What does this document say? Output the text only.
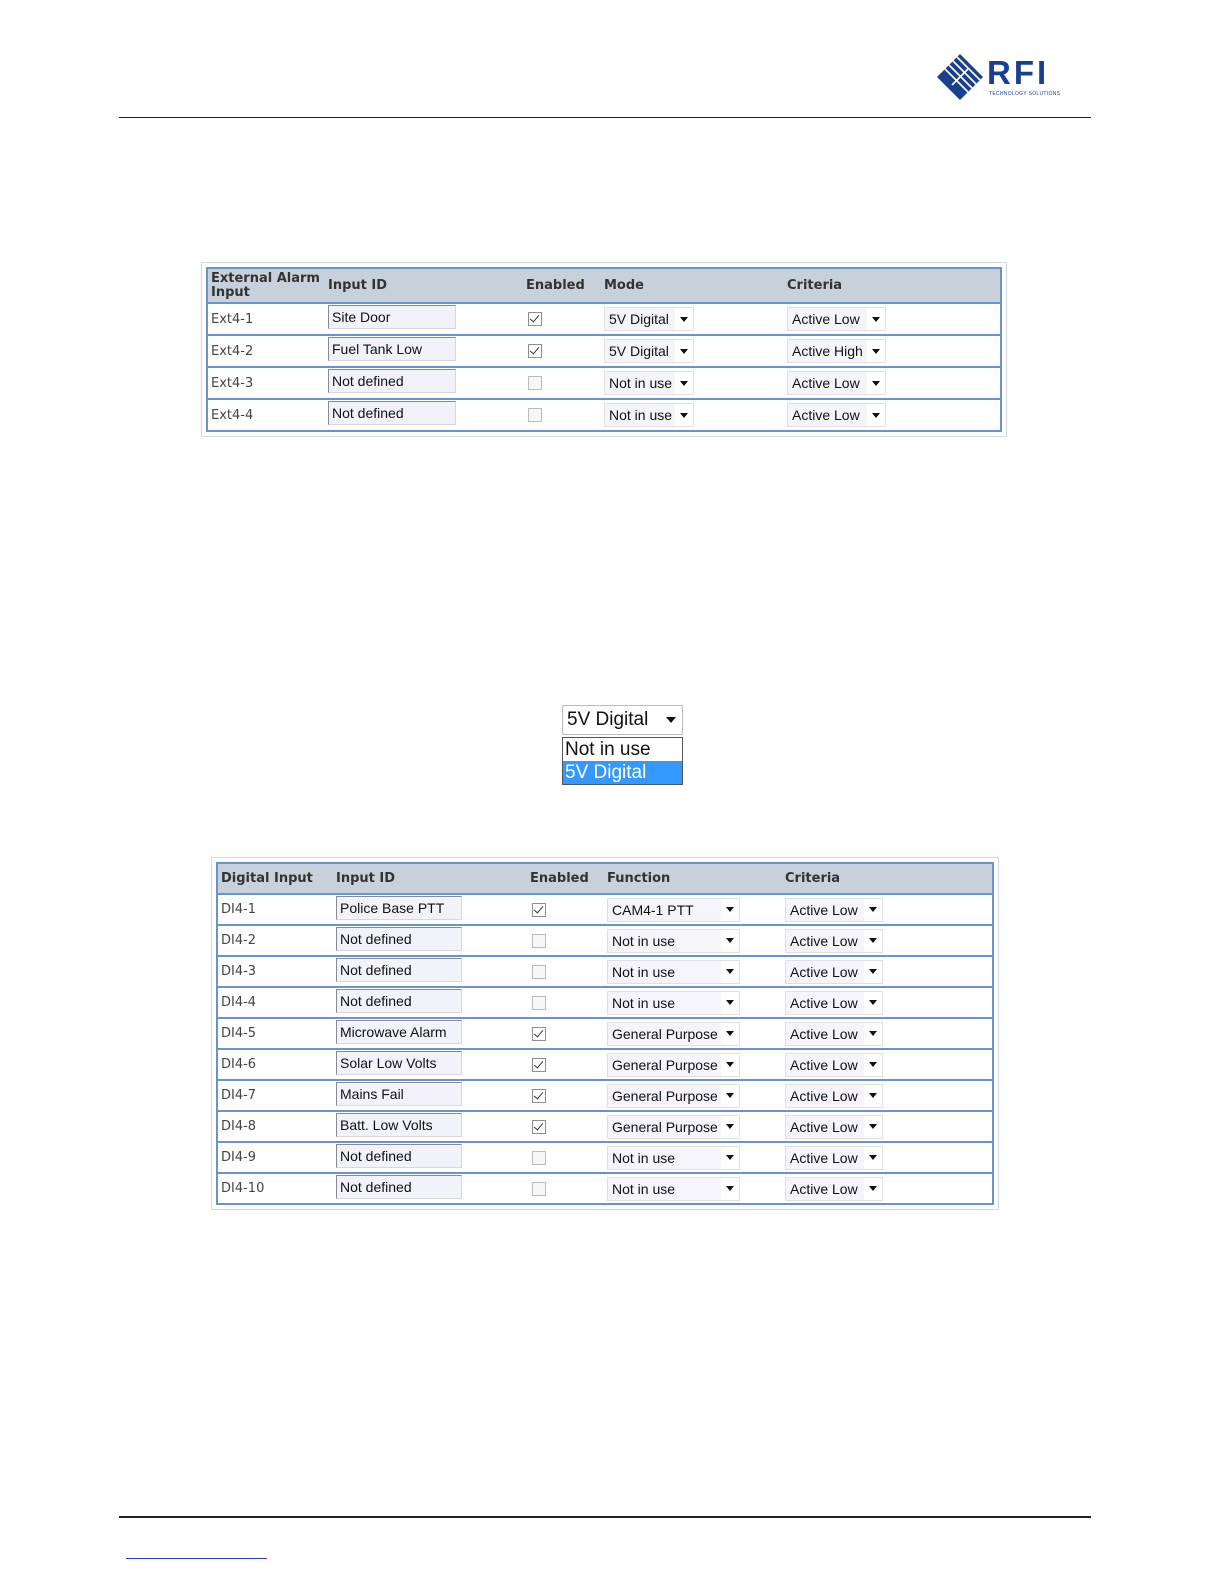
RFI
TECHNOLOGY SOLUTIONS
External Alarm Input	Input ID	Enabled	Mode	Criteria
Ext4-1	Site Door		5V Digital	Active Low

Ext4-2	Fuel Tank Low		5V Digital	Active High

Ext4-3	Not defined		Not in use	Active Low

Ext4-4	Not defined		Not in use	Active Low
5V Digital
Not in use
5V Digital
Digital Input	Input ID	Enabled	Function	Criteria
DI4-1	Police Base PTT		CAM4-1 PTT	Active Low

DI4-2	Not defined		Not in use	Active Low

DI4-3	Not defined		Not in use	Active Low

DI4-4	Not defined		Not in use	Active Low

DI4-5	Microwave Alarm		General Purpose	Active Low

DI4-6	Solar Low Volts		General Purpose	Active Low

DI4-7	Mains Fail		General Purpose	Active Low

DI4-8	Batt. Low Volts		General Purpose	Active Low

DI4-9	Not defined		Not in use	Active Low

DI4-10	Not defined		Not in use	Active Low
